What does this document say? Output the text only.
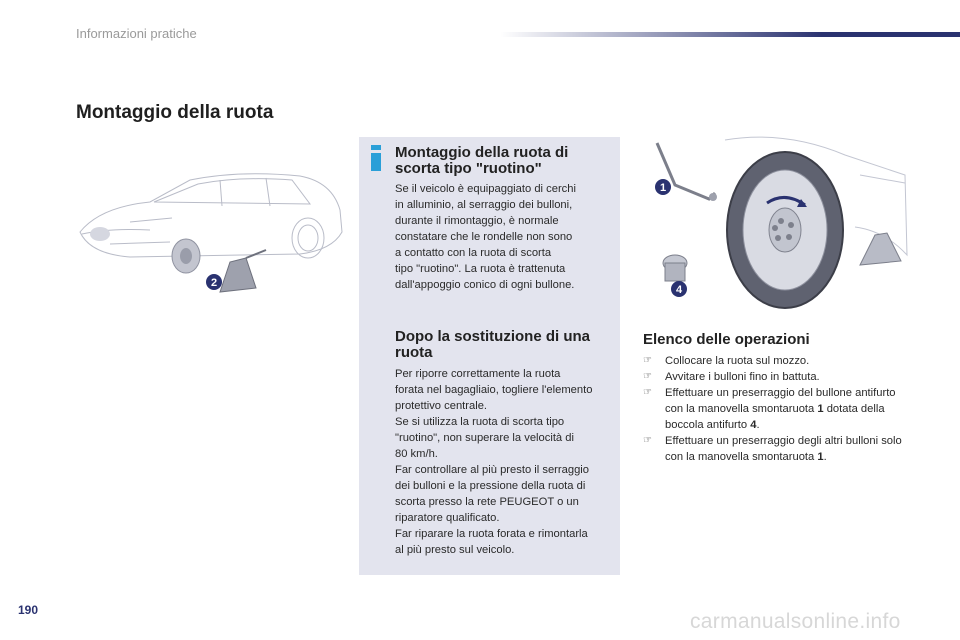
Informazioni pratiche
Montaggio della ruota
2
Montaggio della ruota di
scorta tipo "ruotino"

Se il veicolo è equipaggiato di cerchi
in alluminio, al serraggio dei bulloni,
durante il rimontaggio, è normale
constatare che le rondelle non sono
a contatto con la ruota di scorta
tipo "ruotino". La ruota è trattenuta
dall'appoggio conico di ogni bullone.

Dopo la sostituzione di una
ruota

Per riporre correttamente la ruota
forata nel bagagliaio, togliere l'elemento
protettivo centrale.
Se si utilizza la ruota di scorta tipo
"ruotino", non superare la velocità di
80 km/h.
Far controllare al più presto il serraggio
dei bulloni e la pressione della ruota di
scorta presso la rete PEUGEOT o un
riparatore qualificato.
Far riparare la ruota forata e rimontarla
al più presto sul veicolo.

1
4
Elenco delle operazioni
☞ Collocare la ruota sul mozzo.
☞ Avvitare i bulloni fino in battuta.
☞ Effettuare un preserraggio del bullone antifurto con la manovella smontaruota 1 dotata della boccola antifurto 4.
☞ Effettuare un preserraggio degli altri bulloni solo con la manovella smontaruota 1.
190	carmanualsonline.info
